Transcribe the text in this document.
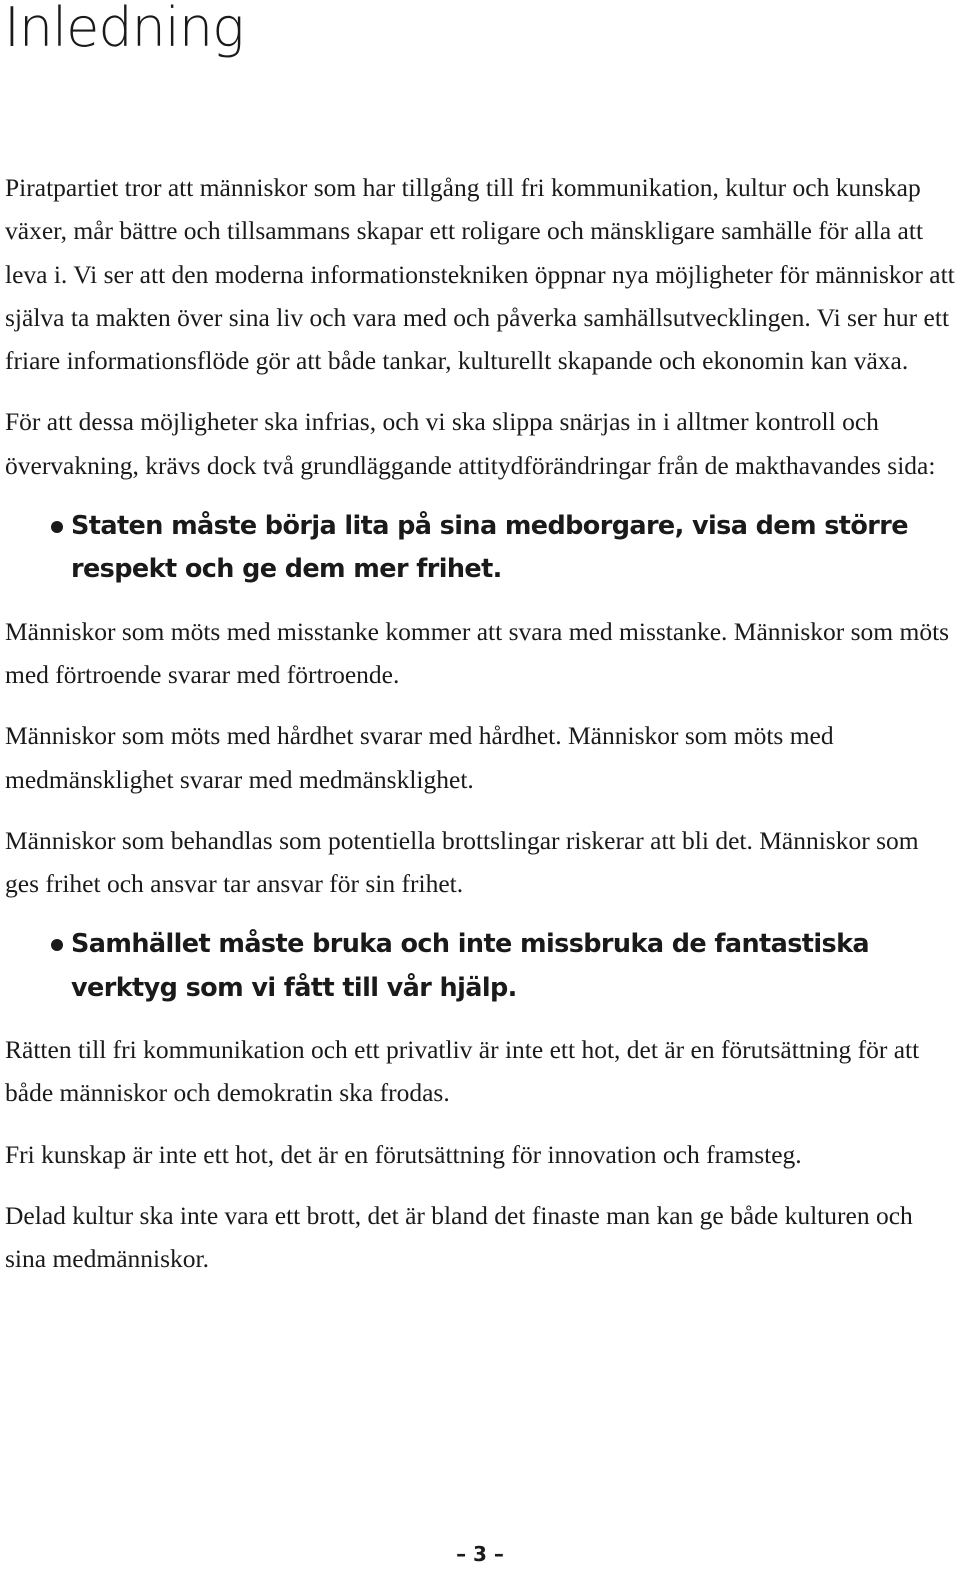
Inledning

Piratpartiet tror att människor som har tillgång till fri kommunikation, kultur och kunskap växer, mår bättre och tillsammans skapar ett roligare och mänskligare samhälle för alla att leva i. Vi ser att den moderna informationstekniken öppnar nya möjligheter för människor att själva ta makten över sina liv och vara med och påverka samhällsutvecklingen. Vi ser hur ett friare informationsflöde gör att både tankar, kulturellt skapande och ekonomin kan växa.

För att dessa möjligheter ska infrias, och vi ska slippa snärjas in i alltmer kontroll och övervakning, krävs dock två grundläggande attitydförändringar från de makthavandes sida:

Staten måste börja lita på sina medborgare, visa dem större respekt och ge dem mer frihet.

Människor som möts med misstanke kommer att svara med misstanke. Människor som möts med förtroende svarar med förtroende.

Människor som möts med hårdhet svarar med hårdhet. Människor som möts med medmänsklighet svarar med medmänsklighet.

Människor som behandlas som potentiella brottslingar riskerar att bli det. Människor som ges frihet och ansvar tar ansvar för sin frihet.

Samhället måste bruka och inte missbruka de fantastiska verktyg som vi fått till vår hjälp.

Rätten till fri kommunikation och ett privatliv är inte ett hot, det är en förutsättning för att både människor och demokratin ska frodas.

Fri kunskap är inte ett hot, det är en förutsättning för innovation och framsteg.

Delad kultur ska inte vara ett brott, det är bland det finaste man kan ge både kulturen och sina medmänniskor.

– 3 –
